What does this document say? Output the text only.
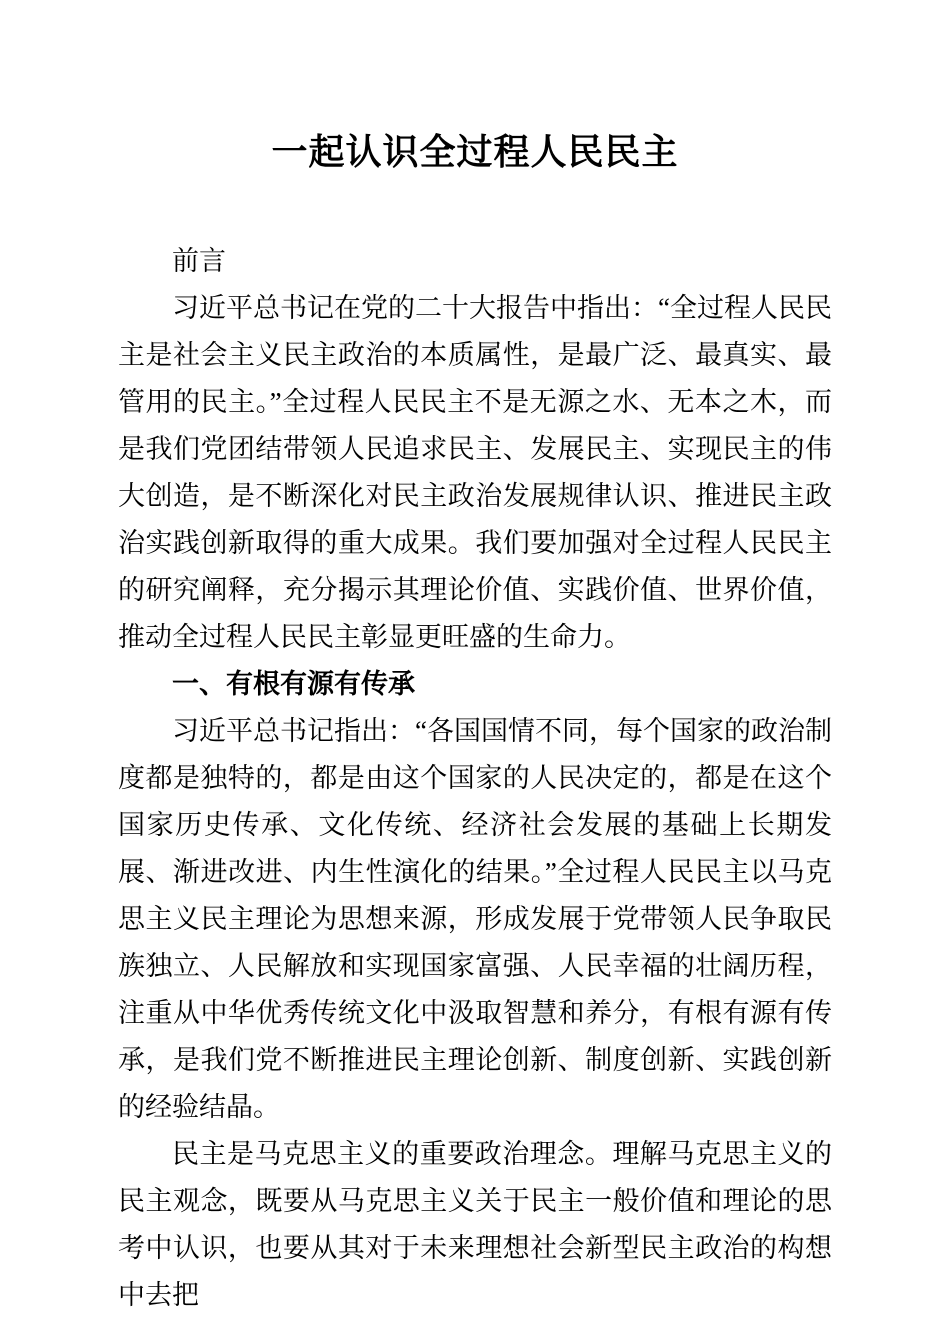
一起认识全过程人民民主

前言

习近平总书记在党的二十大报告中指出：“全过程人民民主是社会主义民主政治的本质属性，是最广泛、最真实、最管用的民主。”全过程人民民主不是无源之水、无本之木，而是我们党团结带领人民追求民主、发展民主、实现民主的伟大创造，是不断深化对民主政治发展规律认识、推进民主政治实践创新取得的重大成果。我们要加强对全过程人民民主的研究阐释，充分揭示其理论价值、实践价值、世界价值，推动全过程人民民主彰显更旺盛的生命力。

一、有根有源有传承

习近平总书记指出：“各国国情不同，每个国家的政治制度都是独特的，都是由这个国家的人民决定的，都是在这个国家历史传承、文化传统、经济社会发展的基础上长期发展、渐进改进、内生性演化的结果。”全过程人民民主以马克思主义民主理论为思想来源，形成发展于党带领人民争取民族独立、人民解放和实现国家富强、人民幸福的壮阔历程，注重从中华优秀传统文化中汲取智慧和养分，有根有源有传承，是我们党不断推进民主理论创新、制度创新、实践创新的经验结晶。

民主是马克思主义的重要政治理念。理解马克思主义的民主观念，既要从马克思主义关于民主一般价值和理论的思考中认识，也要从其对于未来理想社会新型民主政治的构想中去把
